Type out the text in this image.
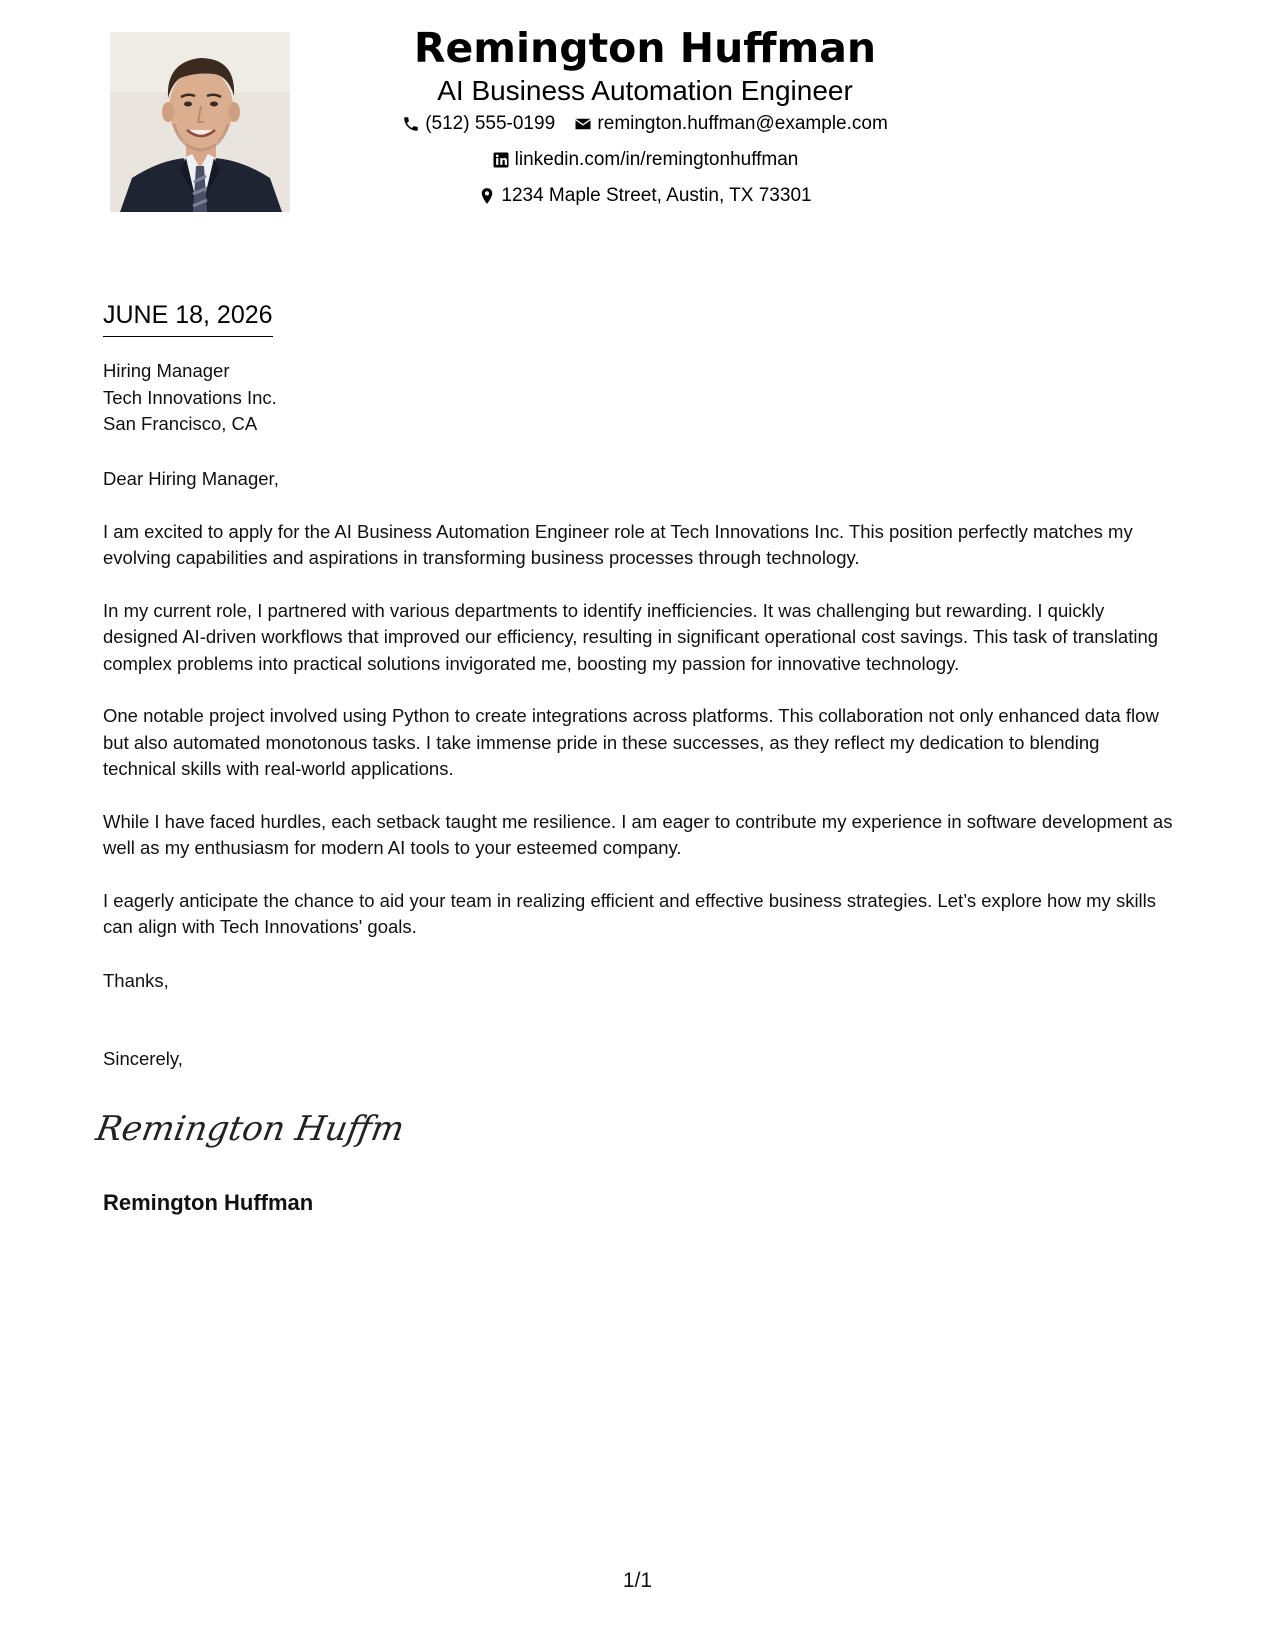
Remington Huffman
AI Business Automation Engineer
(512) 555-0199
remington.huffman@example.com
linkedin.com/in/remingtonhuffman
1234 Maple Street, Austin, TX 73301
JUNE 18, 2026
Hiring Manager
Tech Innovations Inc.
San Francisco, CA

Dear Hiring Manager,

I am excited to apply for the AI Business Automation Engineer role at Tech Innovations Inc. This position perfectly matches my evolving capabilities and aspirations in transforming business processes through technology.

In my current role, I partnered with various departments to identify inefficiencies. It was challenging but rewarding. I quickly designed AI-driven workflows that improved our efficiency, resulting in significant operational cost savings. This task of translating complex problems into practical solutions invigorated me, boosting my passion for innovative technology.

One notable project involved using Python to create integrations across platforms. This collaboration not only enhanced data flow but also automated monotonous tasks. I take immense pride in these successes, as they reflect my dedication to blending technical skills with real-world applications.

While I have faced hurdles, each setback taught me resilience. I am eager to contribute my experience in software development as well as my enthusiasm for modern AI tools to your esteemed company.

I eagerly anticipate the chance to aid your team in realizing efficient and effective business strategies. Let’s explore how my skills can align with Tech Innovations' goals.

Thanks,
Sincerely,
Remington Huffm
Remington Huffman
1/1
